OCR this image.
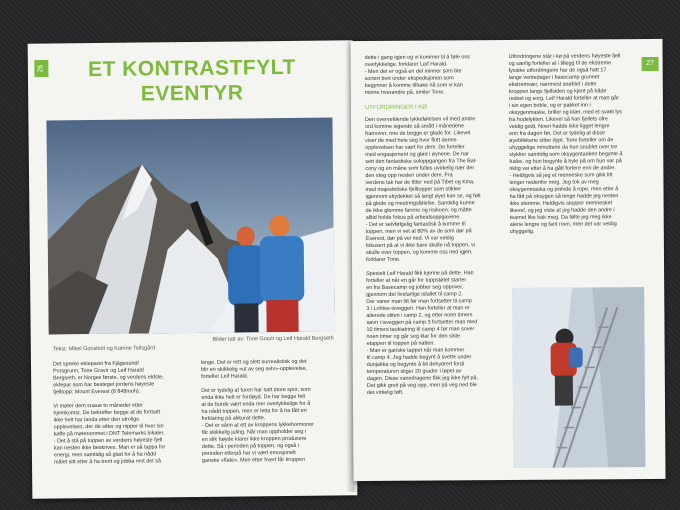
26	ET KONTRASTFYLT
EVENTYR
Bilder tatt av: Tone Gravir og Leif Harald Bergseth
Tekst: Mikel Gonsholt og Katrine Tellsgård
Det sprekе ekteparet fra Fjågesund/
Porsgrunn, Tone Gravir og Leif Harald
Bergseth, er Norges første, og verdens eldste,
ektepar som har besteget jordens høyeste
fjelltopp; Mount Everest (8 848moh).

Vi møter dem snaue to måneder etter
hjemkomst. De bekrefter begge at de fortsatt
ikke helt har landa etter den utrolige
opplevelsen, der de sitter og nipper til hver sin
kaffe på møterommet i DNT Telemarks lokaler.
- Det å stå på toppen av verdens høyeste fjell
kan nesten ikke beskrives. Man er så tappa for
energi, men samtidig så glad for å ha nådd
målet sitt etter å ha trent og jobba mot det så
lenge. Det er rett og slett surrealistisk og det
blir en skikkelig «ut av seg selv»-opplevelse,
forteller Leif Harald.

Det er tydelig at turen har satt store spor, som
enda ikke helt er fordøyd. De har begge felt
at de burde vært enda mer overlykkelige for å
ha nådd toppen, men er letta for å ha fått en
forklaring på akkurat dette.
- Det er sånn at ett av kroppens lykkehormoner
får skikkelig juling. Når man oppholder seg i
en slik høyde klarer ikke kroppen produsere
dette. Så i perioden på toppen, og også i
perioden etterpå har vi vært emosjonelt
ganske «flate». Men etter hvert får kroppen
27
dette i gang igjen og vi kommer til å føle oss
overlykkelige, forklarer Leif Harald.
- Men det er også en del minner som ble
sortert bort under ekspedisjonen som
begynner å komme tilbake nå som vi kan
minne hverandre på, smiler Tone.
UTFORDRINGER I KØ
Den overveldende lykkefølelsen vil med andre
ord komme sigende så smått i månedene
framover, noe de begge er glade for. Likevel
viser de med hele seg hvor flott denne
opplevelsen har vært for dem. De forteller
med engasjement og glød i øynene. De har
sett den fantastiske soloppgangen fra The Bal-
cony og en måne som fulles uvirkelig nær der
den steg opp nesten under dem. Fra
verdens tak har de titter ned på Tibet og Kina,
med majestetiske fjelltopper som stikker
igjennom skydekket så langt øyet kan se, og følt
på glede og mestringsfølelse. Samtidig kunne
de ikke glemme farene og risikoen, og måtte
alltid holde fokus på arbeidsoppgavene.
- Det er selvfølgelig fantastisk å komme til
toppen, men vi vet at 80% av de som dør på
Everest, dør på vei ned. Vi var veldig
fokusert på at vi ikke bare skulle nå toppen, vi
skulle over toppen, og komme oss ned igjen,
forklarer Tone.

Spesielt Leif Harald fikk kjenne på dette. Han
forteller at når en går for toppstøtet starter
en fra Basecamp og jobber seg oppover,
gjennom det livsfarlige isfallet til camp 2.
Der vaner man litt før man fortsetter til camp
3 i Lohtse-isveggen. Han forteller at man er
allerede sliten i camp 2, og etter noen timers
søvn i isveggen på camp 3 fortsetter man med
10 timers taukiatring til camp 4 før man sover
noen timer og går seg klar for den siste
etappen til toppen på natten.
- Man er ganske tappet når man kommer
til camp 4. Jeg hadde begynt å svette under
dunjakka og begynte å bli dehydrert fordi
temperaturen stiger 20 grader i løpet av
dagen. Disse vanndragene fikk jeg ikke fylt på.
Det gikk greit på veg opp, men på veg ned ble
det virkelig tøft.
Utfordringene står i kø på verdens høyeste fjell
og særlig forteller at i tillegg til de ekstreme
fysiske utfordringene har de også hatt 17
lange ventedager i basecamp grunnet
ekstremvær, nærmest snøblet i dette
kroppen langs fjellsiden og kjent på både
redsel og sorg. Leif Harald forteller at man går
i sin egen boble, og er pakket inn i
oksygenmaske, briller og klær, med et svakt lys
fra hodelykten. Likevel så han fjellets ofre
veldig godt. Noen hadde ikke ligget lengre
enn fra dagen før. Det er tydelig at disse
øyeblikkene sitter dypt. Tone forteller om de
uhyggelige minuttene da hun snublet over tre
stykker samtidig som oksygentanken begynte å
fuske, og hun begynte å hyle på om hun var på
riktig vei etter å ha gått fortere enn de andre.
- Heldigvis så jeg et menneske som gikk litt
lenger nedenfor meg. Jeg tok av meg
oksygenmaska og prøvde å rope, men etter å
ha fått på oksygen så lenge hadde jeg nesten
ikke stemme. Heldigvis stopper mennesket
likevel, og jeg viste at jeg hadde den andre i
teamet like bak meg. Da følte jeg meg ikke
alene lengre og fant roen, men det var veldig
uhyggelig.
